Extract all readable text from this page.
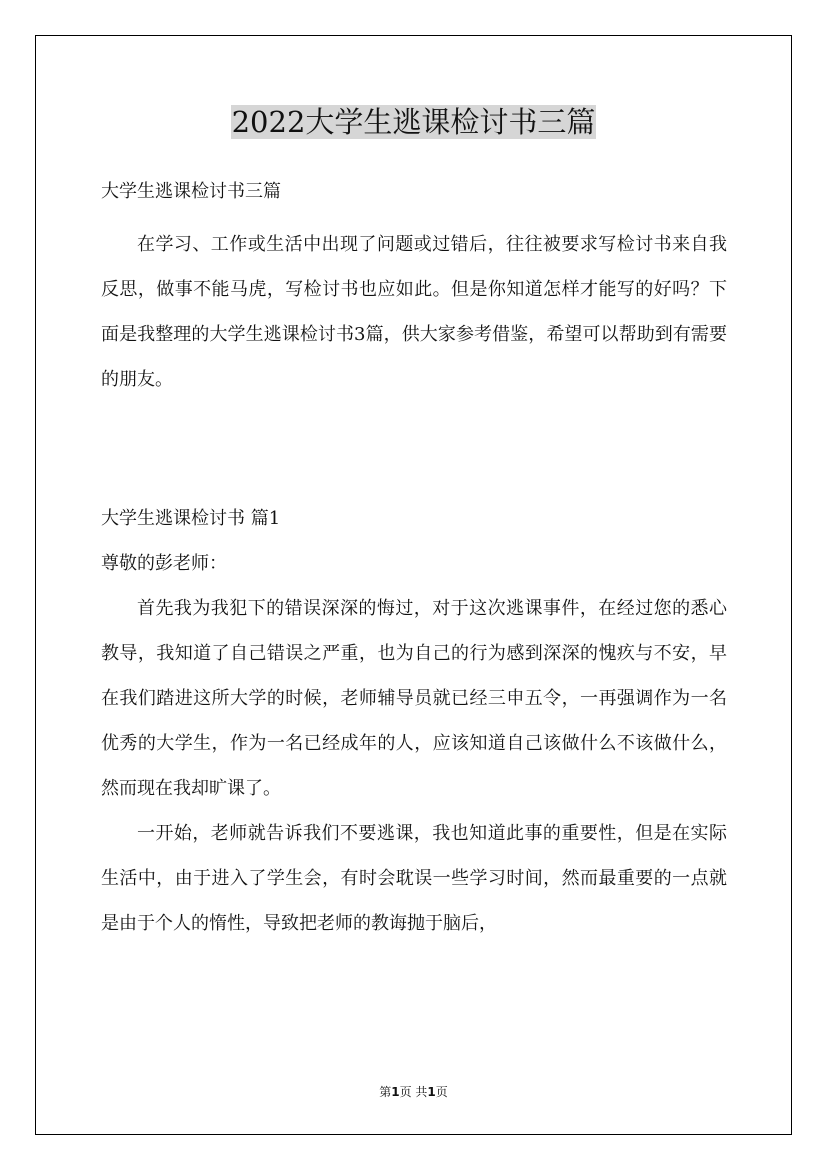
2022大学生逃课检讨书三篇

大学生逃课检讨书三篇

在学习、工作或生活中出现了问题或过错后，往往被要求写检讨书来自我反思，做事不能马虎，写检讨书也应如此。但是你知道怎样才能写的好吗？下面是我整理的大学生逃课检讨书3篇，供大家参考借鉴，希望可以帮助到有需要的朋友。

大学生逃课检讨书 篇1

尊敬的彭老师：

首先我为我犯下的错误深深的悔过，对于这次逃课事件，在经过您的悉心教导，我知道了自己错误之严重，也为自己的行为感到深深的愧疚与不安，早在我们踏进这所大学的时候，老师辅导员就已经三申五令，一再强调作为一名优秀的大学生，作为一名已经成年的人，应该知道自己该做什么不该做什么，然而现在我却旷课了。

一开始，老师就告诉我们不要逃课，我也知道此事的重要性，但是在实际生活中，由于进入了学生会，有时会耽误一些学习时间，然而最重要的一点就是由于个人的惰性，导致把老师的教诲抛于脑后，

第1页 共1页
